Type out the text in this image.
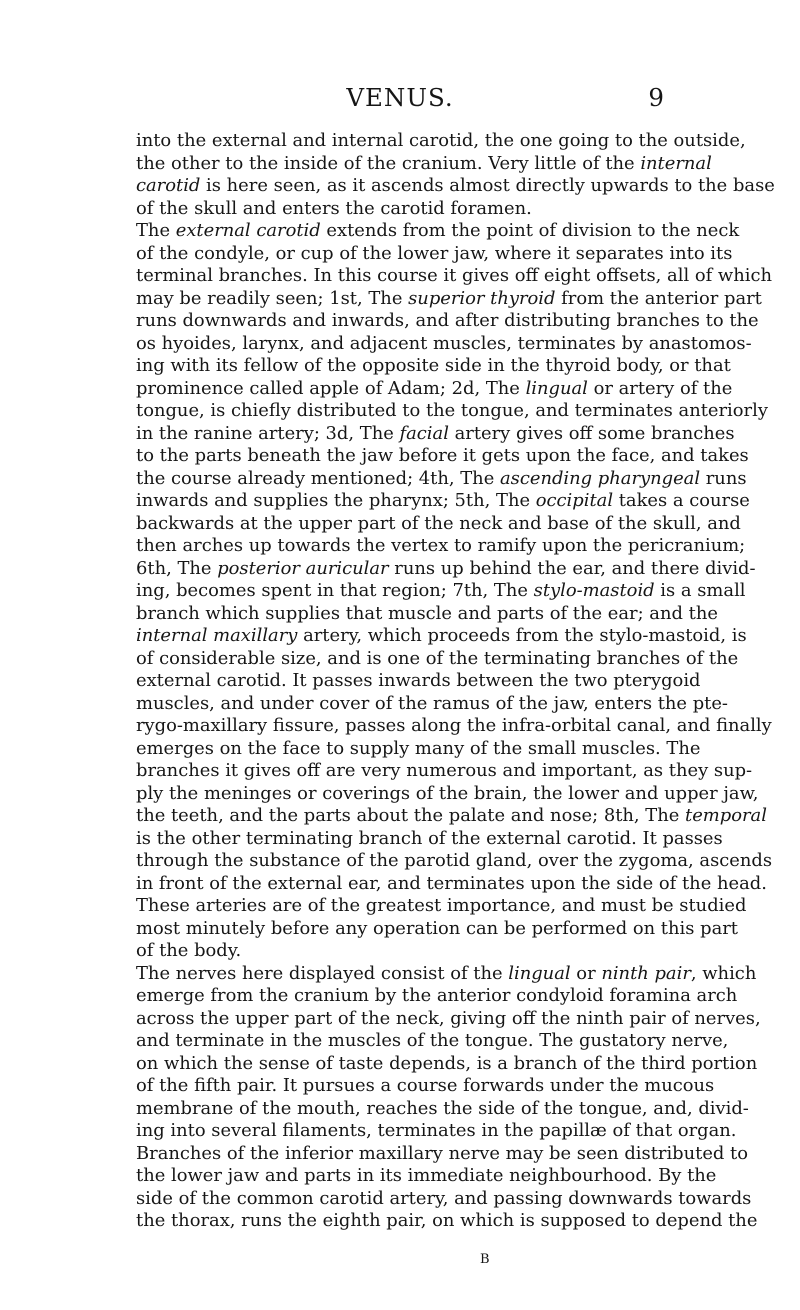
VENUS.	9
into the external and internal carotid, the one going to the outside,
the other to the inside of the cranium. Very little of the internal
carotid is here seen, as it ascends almost directly upwards to the base
of the skull and enters the carotid foramen.
The external carotid extends from the point of division to the neck
of the condyle, or cup of the lower jaw, where it separates into its
terminal branches. In this course it gives off eight offsets, all of which
may be readily seen; 1st, The superior thyroid from the anterior part
runs downwards and inwards, and after distributing branches to the
os hyoides, larynx, and adjacent muscles, terminates by anastomos-
ing with its fellow of the opposite side in the thyroid body, or that
prominence called apple of Adam; 2d, The lingual or artery of the
tongue, is chiefly distributed to the tongue, and terminates anteriorly
in the ranine artery; 3d, The facial artery gives off some branches
to the parts beneath the jaw before it gets upon the face, and takes
the course already mentioned; 4th, The ascending pharyngeal runs
inwards and supplies the pharynx; 5th, The occipital takes a course
backwards at the upper part of the neck and base of the skull, and
then arches up towards the vertex to ramify upon the pericranium;
6th, The posterior auricular runs up behind the ear, and there divid-
ing, becomes spent in that region; 7th, The stylo-mastoid is a small
branch which supplies that muscle and parts of the ear; and the
internal maxillary artery, which proceeds from the stylo-mastoid, is
of considerable size, and is one of the terminating branches of the
external carotid. It passes inwards between the two pterygoid
muscles, and under cover of the ramus of the jaw, enters the pte-
rygo-maxillary fissure, passes along the infra-orbital canal, and finally
emerges on the face to supply many of the small muscles. The
branches it gives off are very numerous and important, as they sup-
ply the meninges or coverings of the brain, the lower and upper jaw,
the teeth, and the parts about the palate and nose; 8th, The temporal
is the other terminating branch of the external carotid. It passes
through the substance of the parotid gland, over the zygoma, ascends
in front of the external ear, and terminates upon the side of the head.
These arteries are of the greatest importance, and must be studied
most minutely before any operation can be performed on this part
of the body.
The nerves here displayed consist of the lingual or ninth pair, which
emerge from the cranium by the anterior condyloid foramina arch
across the upper part of the neck, giving off the ninth pair of nerves,
and terminate in the muscles of the tongue. The gustatory nerve,
on which the sense of taste depends, is a branch of the third portion
of the fifth pair. It pursues a course forwards under the mucous
membrane of the mouth, reaches the side of the tongue, and, divid-
ing into several filaments, terminates in the papillæ of that organ.
Branches of the inferior maxillary nerve may be seen distributed to
the lower jaw and parts in its immediate neighbourhood. By the
side of the common carotid artery, and passing downwards towards
the thorax, runs the eighth pair, on which is supposed to depend the
B
